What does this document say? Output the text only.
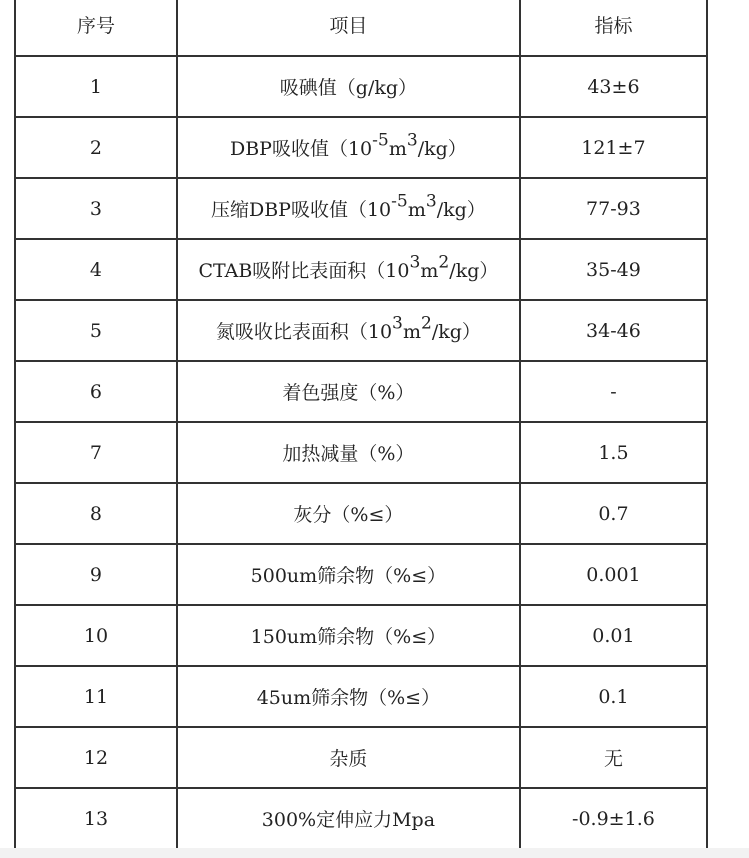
序号	项目	指标
1	吸碘值（g/kg）	43±6
2	DBP吸收值$(10^{-5}m^3/kg)$	121±7
3	压缩DBP吸收值$(10^{-5}m^3/kg)$	77-93
4	CTAB吸附比表面积$(10^3m^2/kg)$	35-49
5	氮吸收比表面积$(10^3m^2/kg)$	34-46
6	着色强度（%）	-
7	加热减量（%）	1.5
8	灰分（%≤）	0.7
9	500um筛余物（%≤）	0.001
10	150um筛余物（%≤）	0.01
11	45um筛余物（%≤）	0.1
12	杂质	无
13	300%定伸应力Mpa	-0.9±1.6
